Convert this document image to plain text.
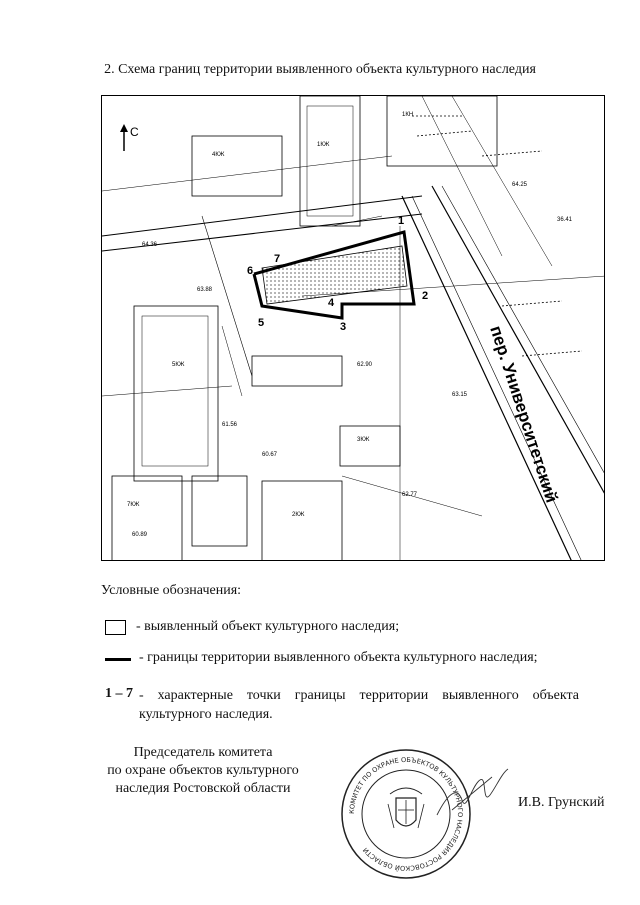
2. Схема границ территории выявленного объекта культурного наследия
С
1
2
3
4
5
6
7
пер. Университетский
5КЖ
1КЖ
2КЖ
1КН
4КЖ
7КЖ
3КЖ
36.41
64.36
63.88
62.90
61.56
60.89
64.25
63.15
62.77
60.67
Условные обозначения:
- выявленный объект культурного наследия;
- границы территории выявленного объекта культурного наследия;
1 – 7 - характерные точки границы территории выявленного объекта культурного наследия.
Председатель комитета
по охране объектов культурного
наследия Ростовской области
КОМИТЕТ ПО ОХРАНЕ ОБЪЕКТОВ КУЛЬТУРНОГО НАСЛЕДИЯ РОСТОВСКОЙ ОБЛАСТИ
И.В. Грунский
